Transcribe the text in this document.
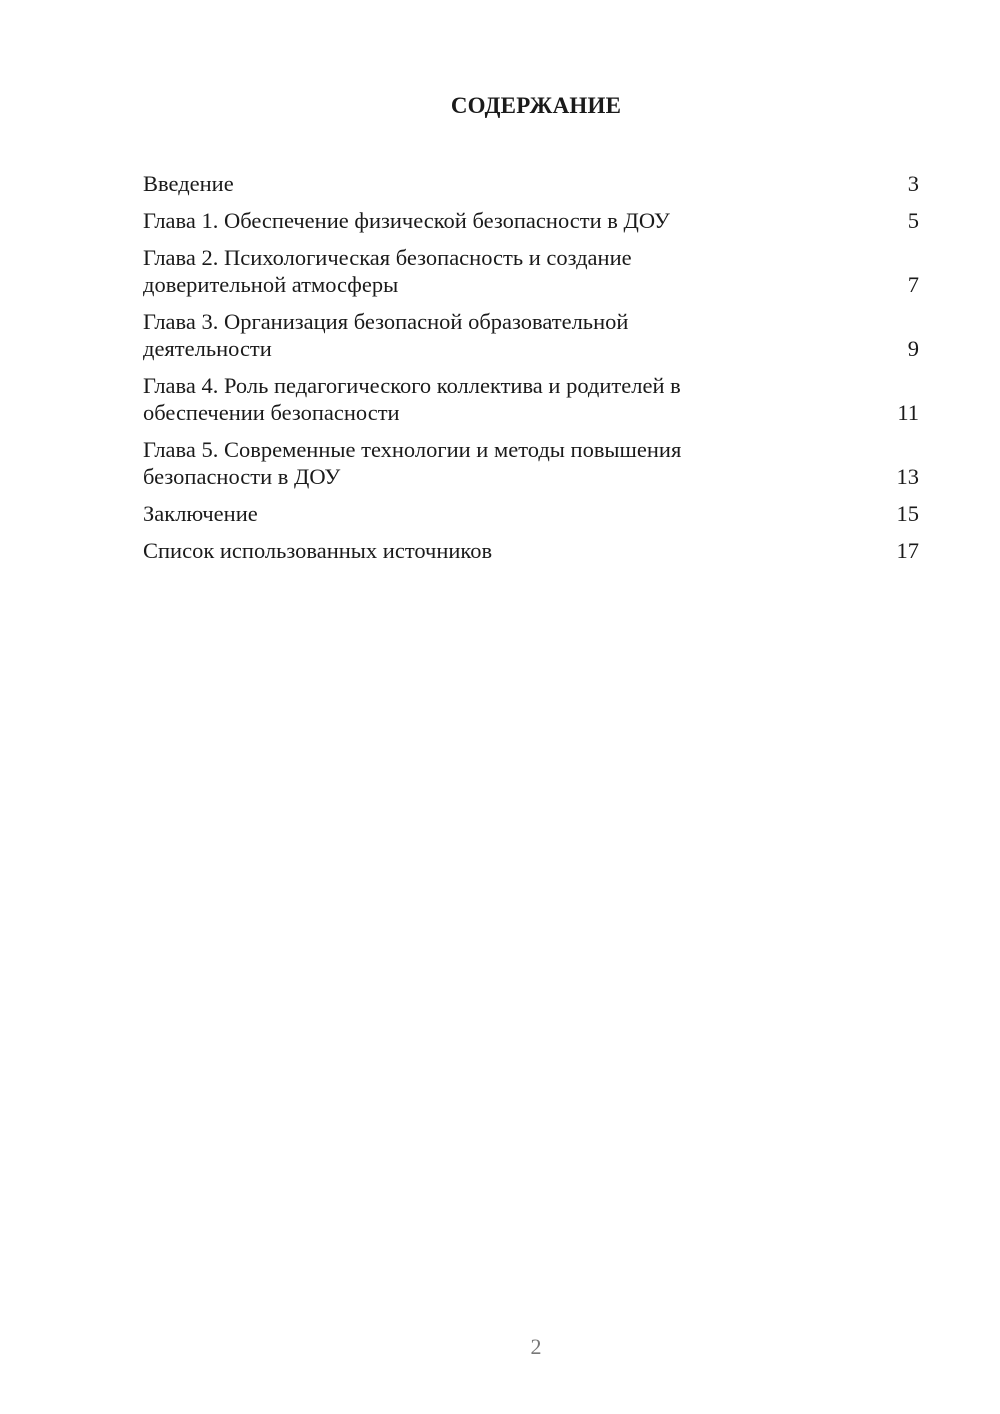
СОДЕРЖАНИЕ
Введение	3
Глава 1. Обеспечение физической безопасности в ДОУ	5
Глава 2. Психологическая безопасность и создание доверительной атмосферы	7
Глава 3. Организация безопасной образовательной деятельности	9
Глава 4. Роль педагогического коллектива и родителей в обеспечении безопасности	11
Глава 5. Современные технологии и методы повышения безопасности в ДОУ	13
Заключение	15
Список использованных источников	17
2
